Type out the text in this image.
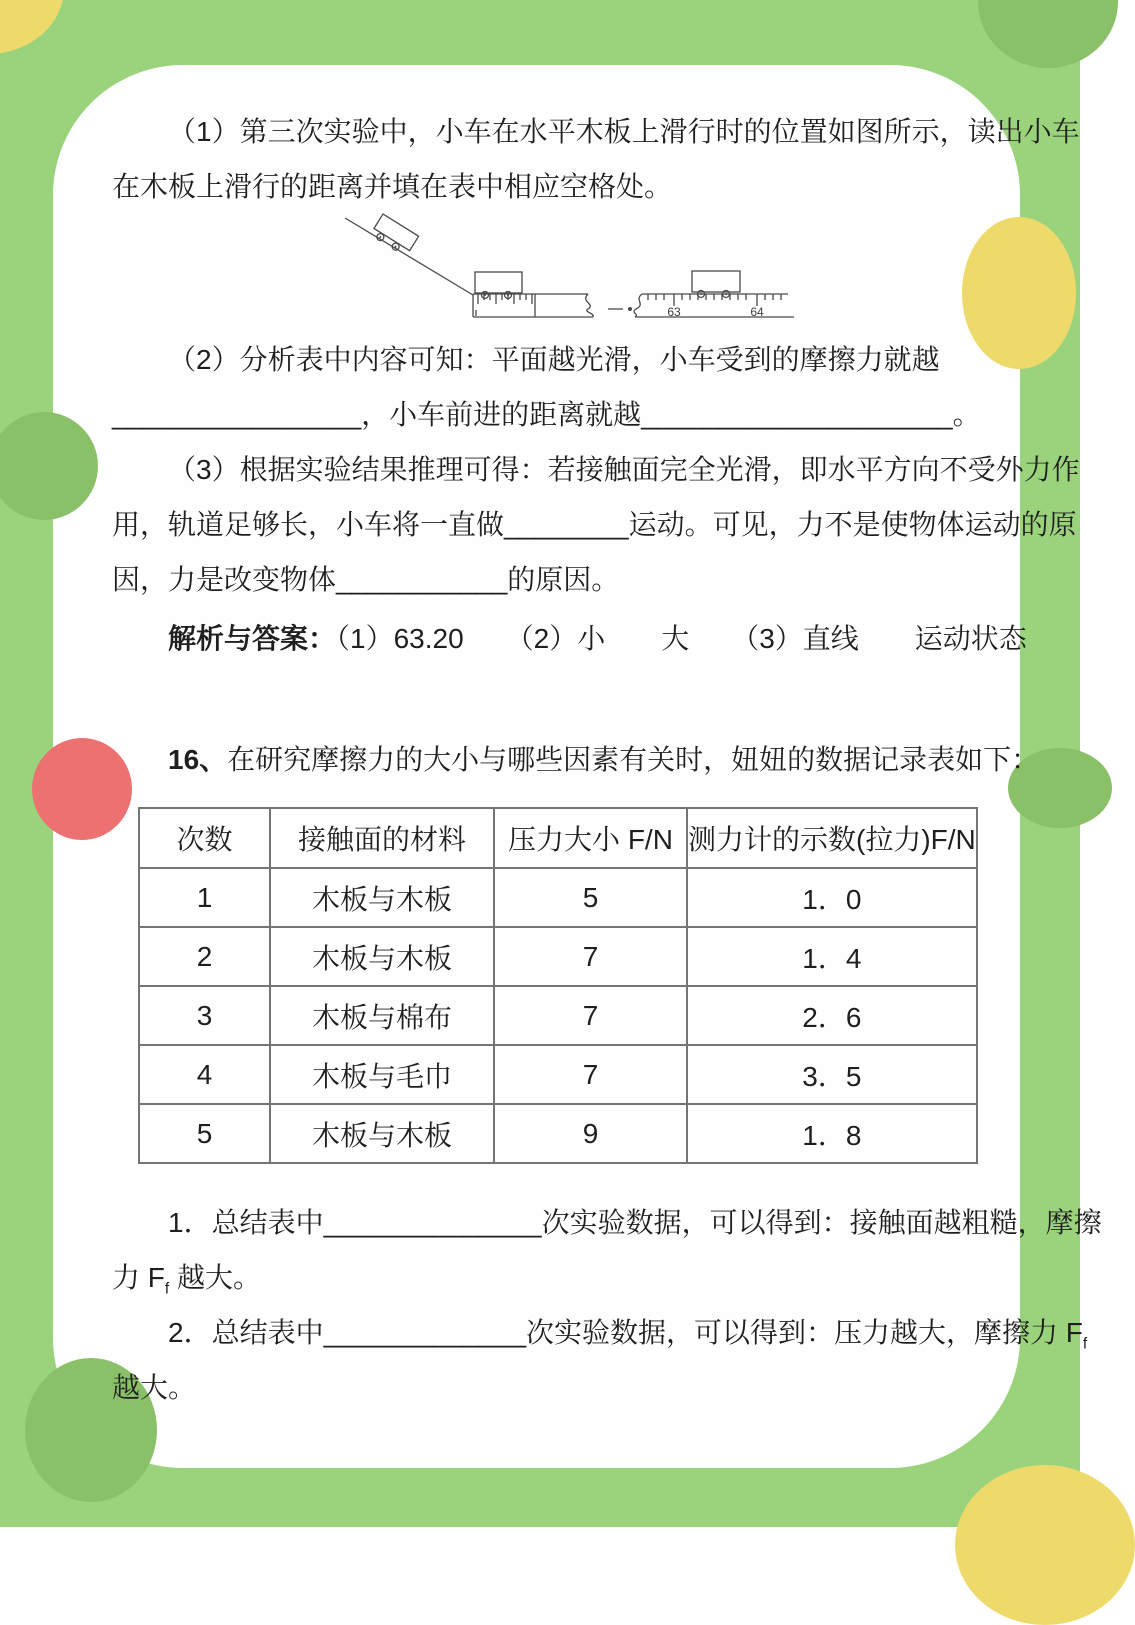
（1）第三次实验中，小车在水平木板上滑行时的位置如图所示，读出小车
在木板上滑行的距离并填在表中相应空格处。
63	64
（2）分析表中内容可知：平面越光滑，小车受到的摩擦力就越
________________，小车前进的距离就越____________________。
（3）根据实验结果推理可得：若接触面完全光滑，即水平方向不受外力作
用，轨道足够长，小车将一直做________运动。可见，力不是使物体运动的原
因，力是改变物体___________的原因。
解析与答案：（1）63.20　　（2）小　　大　　（3）直线　　运动状态
16、在研究摩擦力的大小与哪些因素有关时，妞妞的数据记录表如下：
次数	接触面的材料	压力大小 F/N	测力计的示数(拉力)F/N
1	木板与木板	5	1．0
2	木板与木板	7	1．4
3	木板与棉布	7	2．6
4	木板与毛巾	7	3．5
5	木板与木板	9	1．8
1．总结表中______________次实验数据，可以得到：接触面越粗糙，摩擦
力 $F_f$ 越大。
2．总结表中_____________次实验数据，可以得到：压力越大，摩擦力 $F_f$
越大。
